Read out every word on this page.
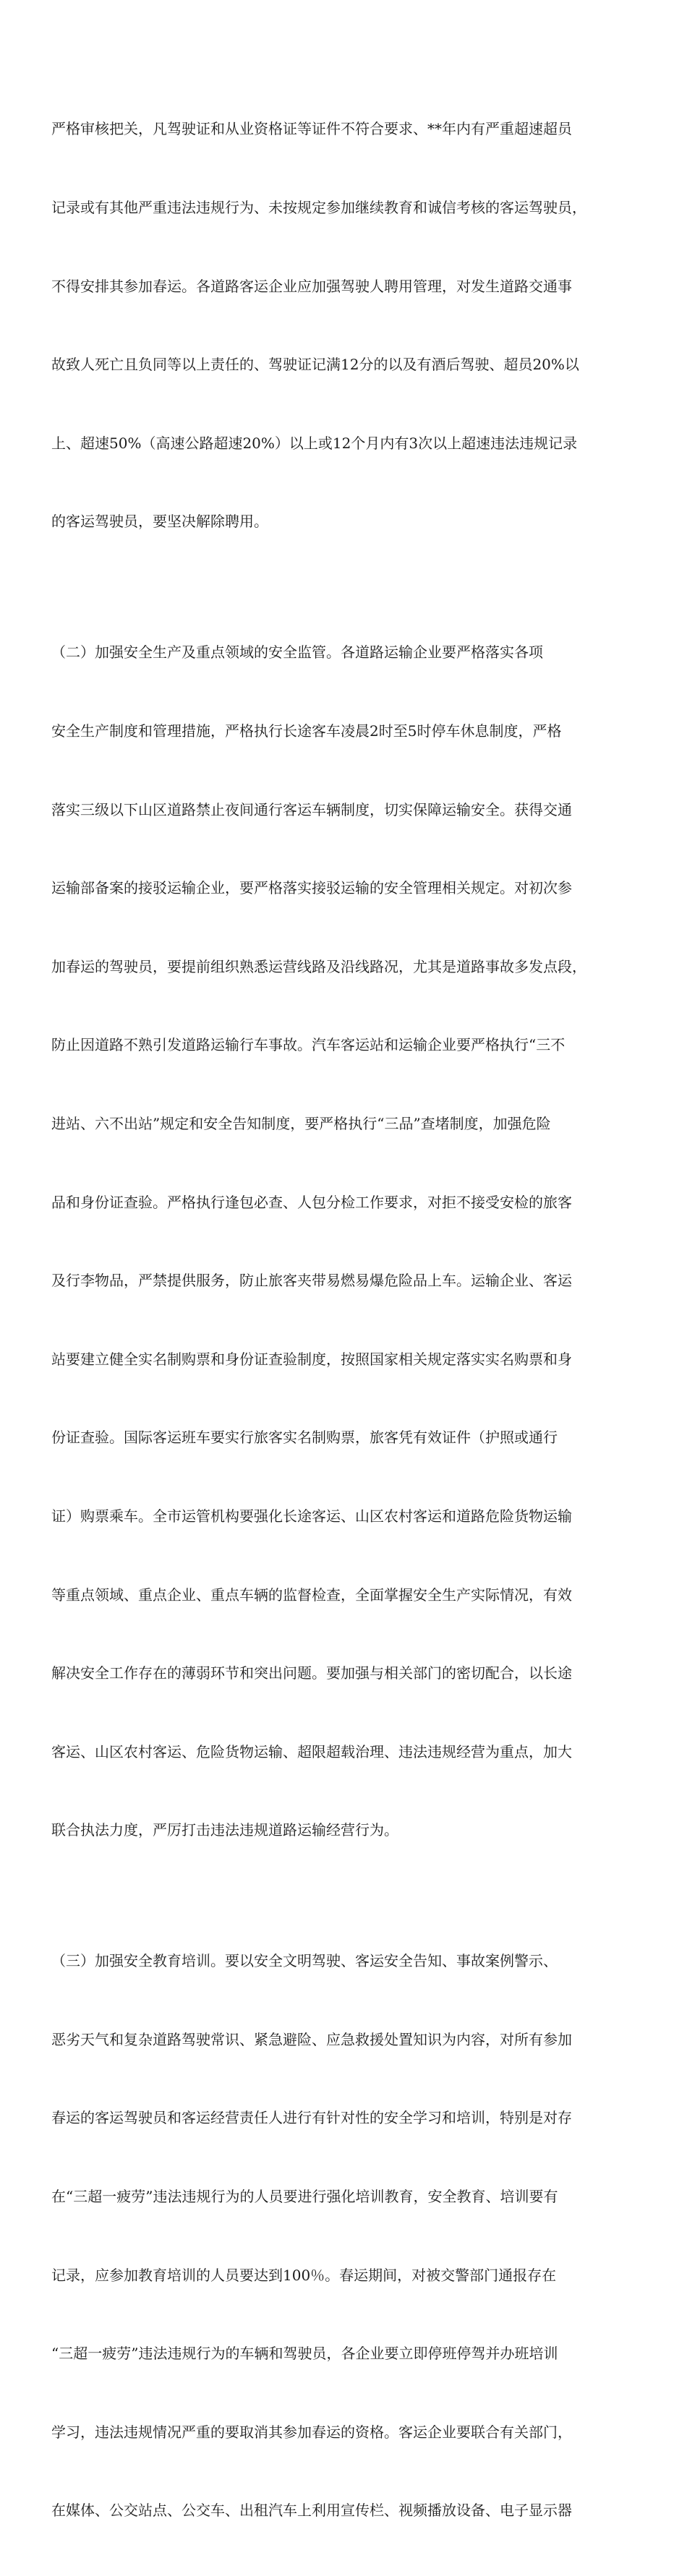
严格审核把关，凡驾驶证和从业资格证等证件不符合要求、**年内有严重超速超员

记录或有其他严重违法违规行为、未按规定参加继续教育和诚信考核的客运驾驶员，

不得安排其参加春运。各道路客运企业应加强驾驶人聘用管理，对发生道路交通事

故致人死亡且负同等以上责任的、驾驶证记满12分的以及有酒后驾驶、超员20%以

上、超速50%（高速公路超速20%）以上或12个月内有3次以上超速违法违规记录

的客运驾驶员，要坚决解除聘用。

（二）加强安全生产及重点领域的安全监管。各道路运输企业要严格落实各项

安全生产制度和管理措施，严格执行长途客车凌晨2时至5时停车休息制度，严格

落实三级以下山区道路禁止夜间通行客运车辆制度，切实保障运输安全。获得交通

运输部备案的接驳运输企业，要严格落实接驳运输的安全管理相关规定。对初次参

加春运的驾驶员，要提前组织熟悉运营线路及沿线路况，尤其是道路事故多发点段，

防止因道路不熟引发道路运输行车事故。汽车客运站和运输企业要严格执行“三不

进站、六不出站”规定和安全告知制度，要严格执行“三品”查堵制度，加强危险

品和身份证查验。严格执行逢包必查、人包分检工作要求，对拒不接受安检的旅客

及行李物品，严禁提供服务，防止旅客夹带易燃易爆危险品上车。运输企业、客运

站要建立健全实名制购票和身份证查验制度，按照国家相关规定落实实名购票和身

份证查验。国际客运班车要实行旅客实名制购票，旅客凭有效证件（护照或通行

证）购票乘车。全市运管机构要强化长途客运、山区农村客运和道路危险货物运输

等重点领域、重点企业、重点车辆的监督检查，全面掌握安全生产实际情况，有效

解决安全工作存在的薄弱环节和突出问题。要加强与相关部门的密切配合，以长途

客运、山区农村客运、危险货物运输、超限超载治理、违法违规经营为重点，加大

联合执法力度，严厉打击违法违规道路运输经营行为。

（三）加强安全教育培训。要以安全文明驾驶、客运安全告知、事故案例警示、

恶劣天气和复杂道路驾驶常识、紧急避险、应急救援处置知识为内容，对所有参加

春运的客运驾驶员和客运经营责任人进行有针对性的安全学习和培训，特别是对存

在“三超一疲劳”违法违规行为的人员要进行强化培训教育，安全教育、培训要有

记录，应参加教育培训的人员要达到100％。春运期间，对被交警部门通报存在

“三超一疲劳”违法违规行为的车辆和驾驶员，各企业要立即停班停驾并办班培训

学习，违法违规情况严重的要取消其参加春运的资格。客运企业要联合有关部门，

在媒体、公交站点、公交车、出租汽车上利用宣传栏、视频播放设备、电子显示器
